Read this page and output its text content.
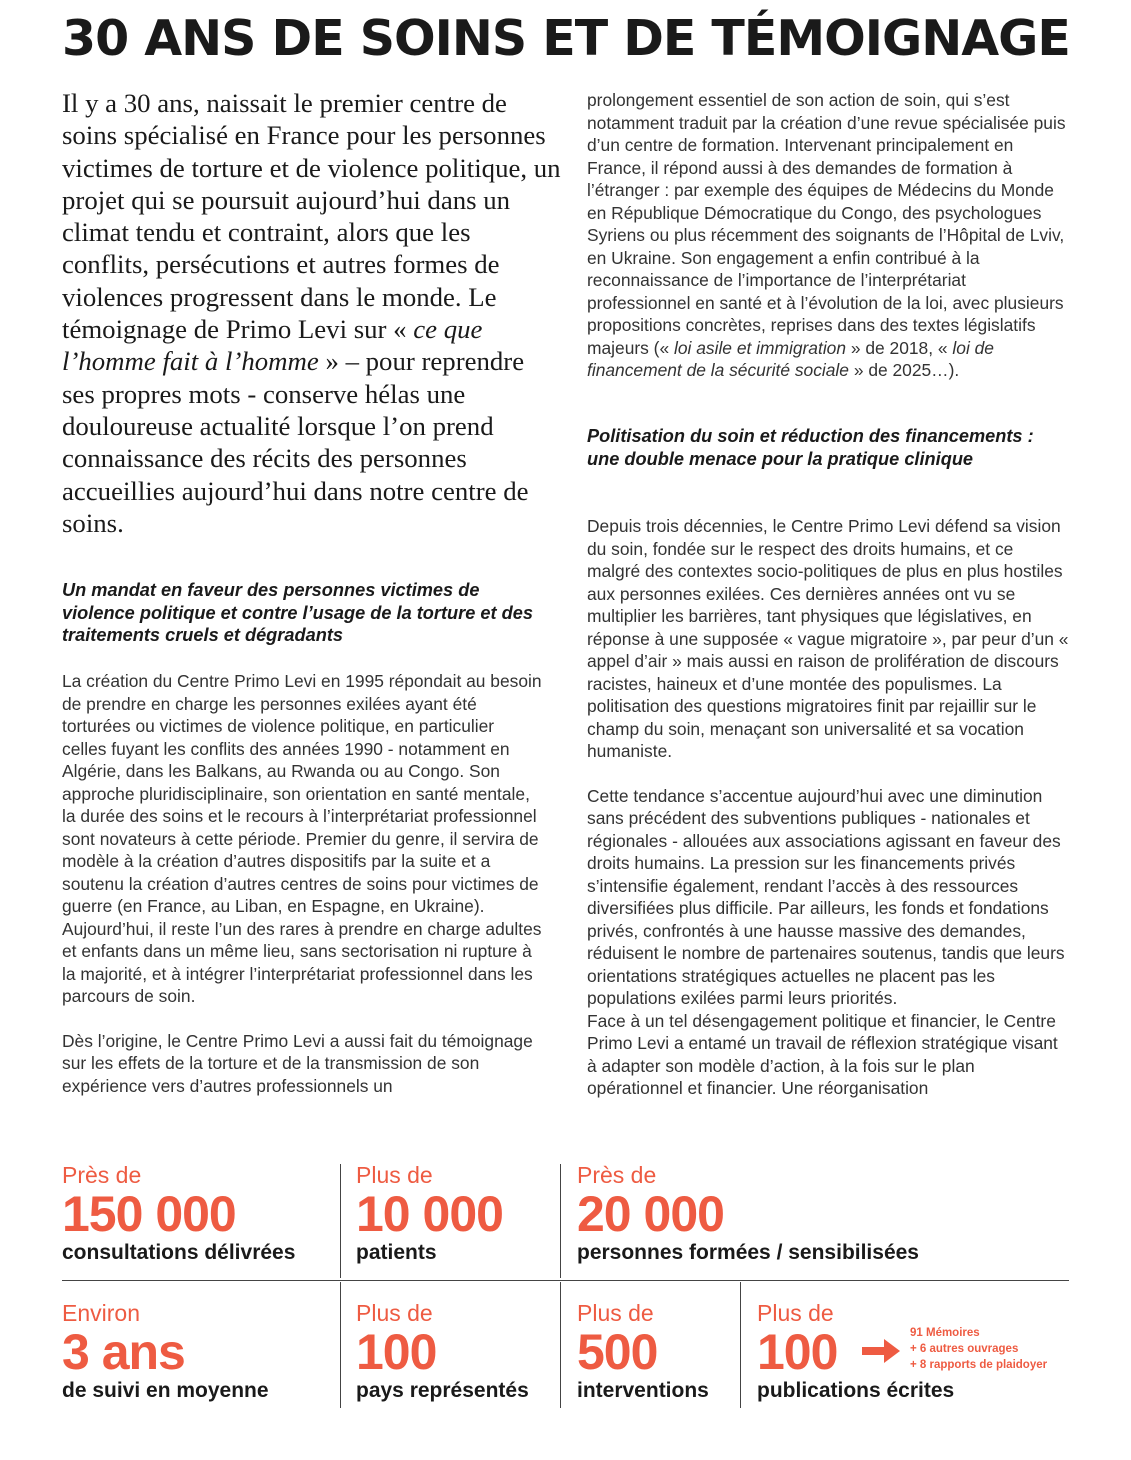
30 ANS DE SOINS ET DE TÉMOIGNAGE
Il y a 30 ans, naissait le premier centre de soins spécialisé en France pour les personnes victimes de torture et de violence politique, un projet qui se poursuit aujourd’hui dans un climat tendu et contraint, alors que les conflits, persécutions et autres formes de violences progressent dans le monde. Le témoignage de Primo Levi sur « ce que l’homme fait à l’homme » – pour reprendre ses propres mots - conserve hélas une douloureuse actualité lorsque l’on prend connaissance des récits des personnes accueillies aujourd’hui dans notre centre de soins.
Un mandat en faveur des personnes victimes de violence politique et contre l’usage de la torture et des traitements cruels et dégradants

La création du Centre Primo Levi en 1995 répondait au besoin de prendre en charge les personnes exilées ayant été torturées ou victimes de violence politique, en particulier celles fuyant les conflits des années 1990 - notamment en Algérie, dans les Balkans, au Rwanda ou au Congo. Son approche pluridisciplinaire, son orientation en santé mentale, la durée des soins et le recours à l’interprétariat professionnel sont novateurs à cette période. Premier du genre, il servira de modèle à la création d’autres dispositifs par la suite et a soutenu la création d’autres centres de soins pour victimes de guerre (en France, au Liban, en Espagne, en Ukraine). Aujourd’hui, il reste l’un des rares à prendre en charge adultes et enfants dans un même lieu, sans sectorisation ni rupture à la majorité, et à intégrer l’interprétariat professionnel dans les parcours de soin.

Dès l’origine, le Centre Primo Levi a aussi fait du témoignage sur les effets de la torture et de la transmission de son expérience vers d’autres professionnels un

prolongement essentiel de son action de soin, qui s’est notamment traduit par la création d’une revue spécialisée puis d’un centre de formation. Intervenant principalement en France, il répond aussi à des demandes de formation à l’étranger : par exemple des équipes de Médecins du Monde en République Démocratique du Congo, des psychologues Syriens ou plus récemment des soignants de l’Hôpital de Lviv, en Ukraine. Son engagement a enfin contribué à la reconnaissance de l’importance de l’interprétariat professionnel en santé et à l’évolution de la loi, avec plusieurs propositions concrètes, reprises dans des textes législatifs majeurs (« loi asile et immigration » de 2018, « loi de financement de la sécurité sociale » de 2025…).

Politisation du soin et réduction des financements : une double menace pour la pratique clinique

Depuis trois décennies, le Centre Primo Levi défend sa vision du soin, fondée sur le respect des droits humains, et ce malgré des contextes socio-politiques de plus en plus hostiles aux personnes exilées. Ces dernières années ont vu se multiplier les barrières, tant physiques que législatives, en réponse à une supposée « vague migratoire », par peur d’un « appel d’air » mais aussi en raison de prolifération de discours racistes, haineux et d’une montée des populismes. La politisation des questions migratoires finit par rejaillir sur le champ du soin, menaçant son universalité et sa vocation humaniste.

Cette tendance s’accentue aujourd’hui avec une diminution sans précédent des subventions publiques - nationales et régionales - allouées aux associations agissant en faveur des droits humains. La pression sur les financements privés s’intensifie également, rendant l’accès à des ressources diversifiées plus difficile. Par ailleurs, les fonds et fondations privés, confrontés à une hausse massive des demandes, réduisent le nombre de partenaires soutenus, tandis que leurs orientations stratégiques actuelles ne placent pas les populations exilées parmi leurs priorités.

Face à un tel désengagement politique et financier, le Centre Primo Levi a entamé un travail de réflexion stratégique visant à adapter son modèle d’action, à la fois sur le plan opérationnel et financier. Une réorganisation

Près de
150 000
consultations délivrées
Plus de
10 000
patients
Près de
20 000
personnes formées / sensibilisées
Environ
3 ans
de suivi en moyenne
Plus de
100
pays représentés
Plus de
500
interventions
Plus de
100
publications écrites
91 Mémoires
+ 6 autres ouvrages
+ 8 rapports de plaidoyer
